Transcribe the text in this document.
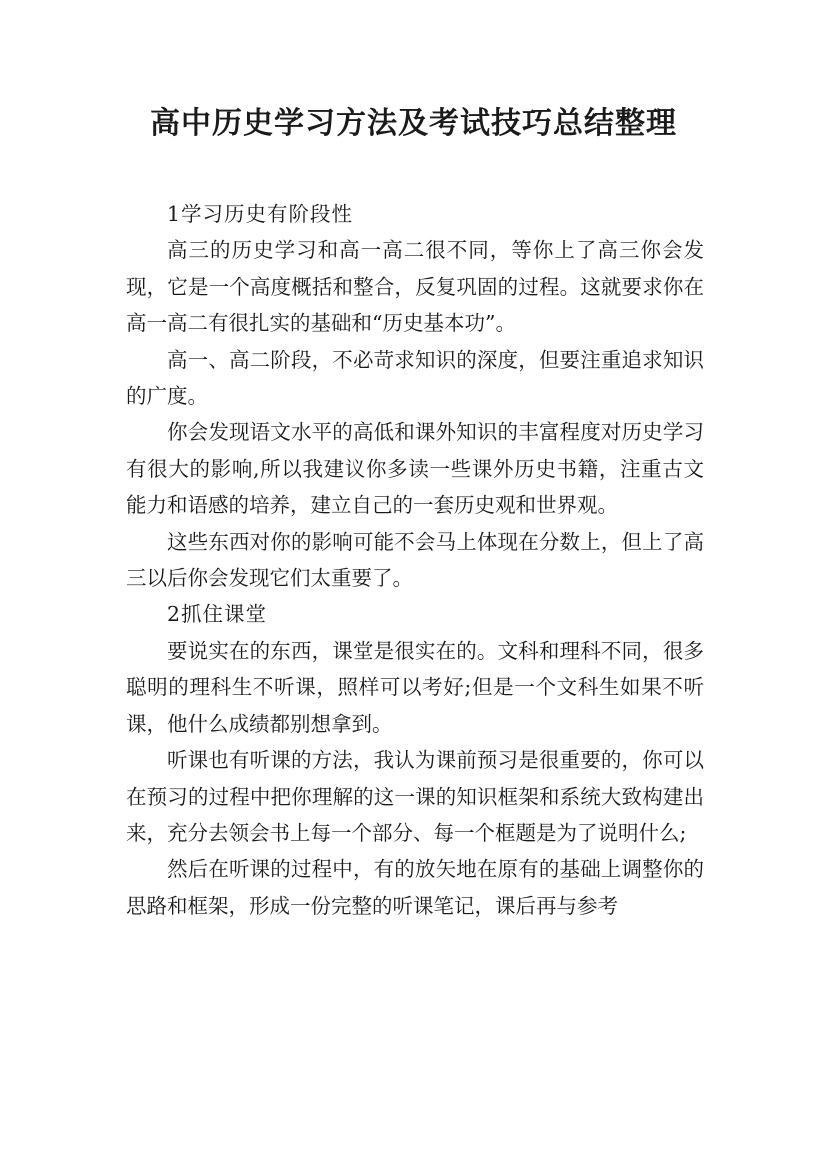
高中历史学习方法及考试技巧总结整理

1学习历史有阶段性

高三的历史学习和高一高二很不同，等你上了高三你会发现，它是一个高度概括和整合，反复巩固的过程。这就要求你在高一高二有很扎实的基础和“历史基本功”。

高一、高二阶段，不必苛求知识的深度，但要注重追求知识的广度。

你会发现语文水平的高低和课外知识的丰富程度对历史学习有很大的影响,所以我建议你多读一些课外历史书籍，注重古文能力和语感的培养，建立自己的一套历史观和世界观。

这些东西对你的影响可能不会马上体现在分数上，但上了高三以后你会发现它们太重要了。

2抓住课堂

要说实在的东西，课堂是很实在的。文科和理科不同，很多聪明的理科生不听课，照样可以考好;但是一个文科生如果不听课，他什么成绩都别想拿到。

听课也有听课的方法，我认为课前预习是很重要的，你可以在预习的过程中把你理解的这一课的知识框架和系统大致构建出来，充分去领会书上每一个部分、每一个框题是为了说明什么;

然后在听课的过程中，有的放矢地在原有的基础上调整你的思路和框架，形成一份完整的听课笔记，课后再与参考
